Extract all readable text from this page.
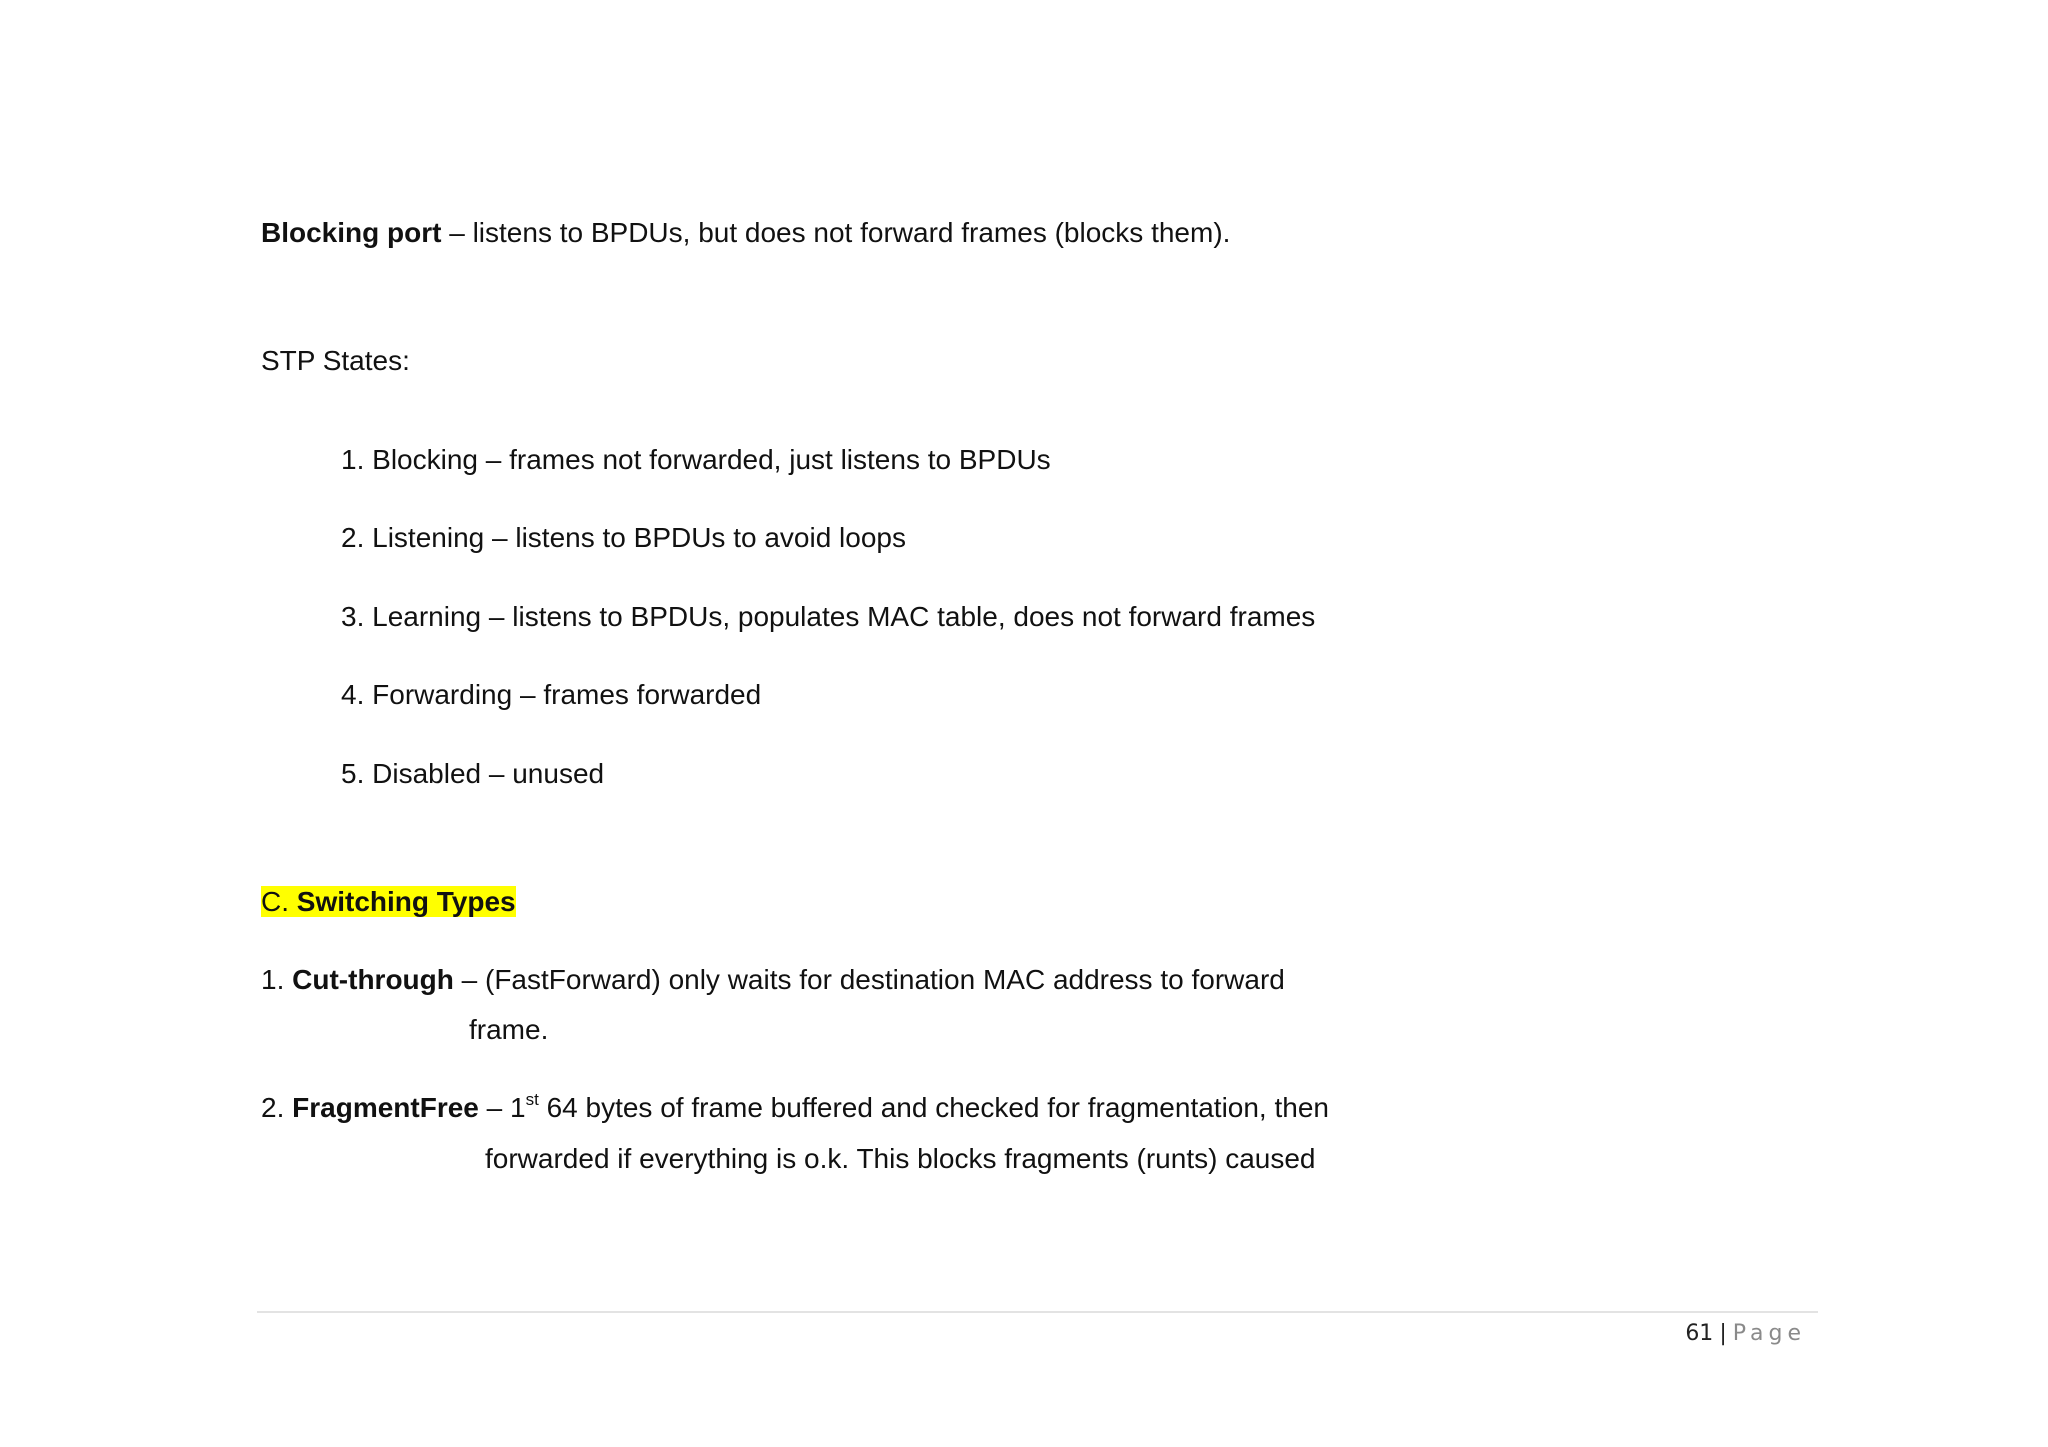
Blocking port – listens to BPDUs, but does not forward frames (blocks them).
STP States:
1. Blocking – frames not forwarded, just listens to BPDUs
2. Listening – listens to BPDUs to avoid loops
3. Learning – listens to BPDUs, populates MAC table, does not forward frames
4. Forwarding – frames forwarded
5. Disabled – unused
C. Switching Types
1. Cut-through – (FastForward) only waits for destination MAC address to forward
frame.
2. FragmentFree – 1st 64 bytes of frame buffered and checked for fragmentation, then
forwarded if everything is o.k. This blocks fragments (runts) caused
61 | Page
